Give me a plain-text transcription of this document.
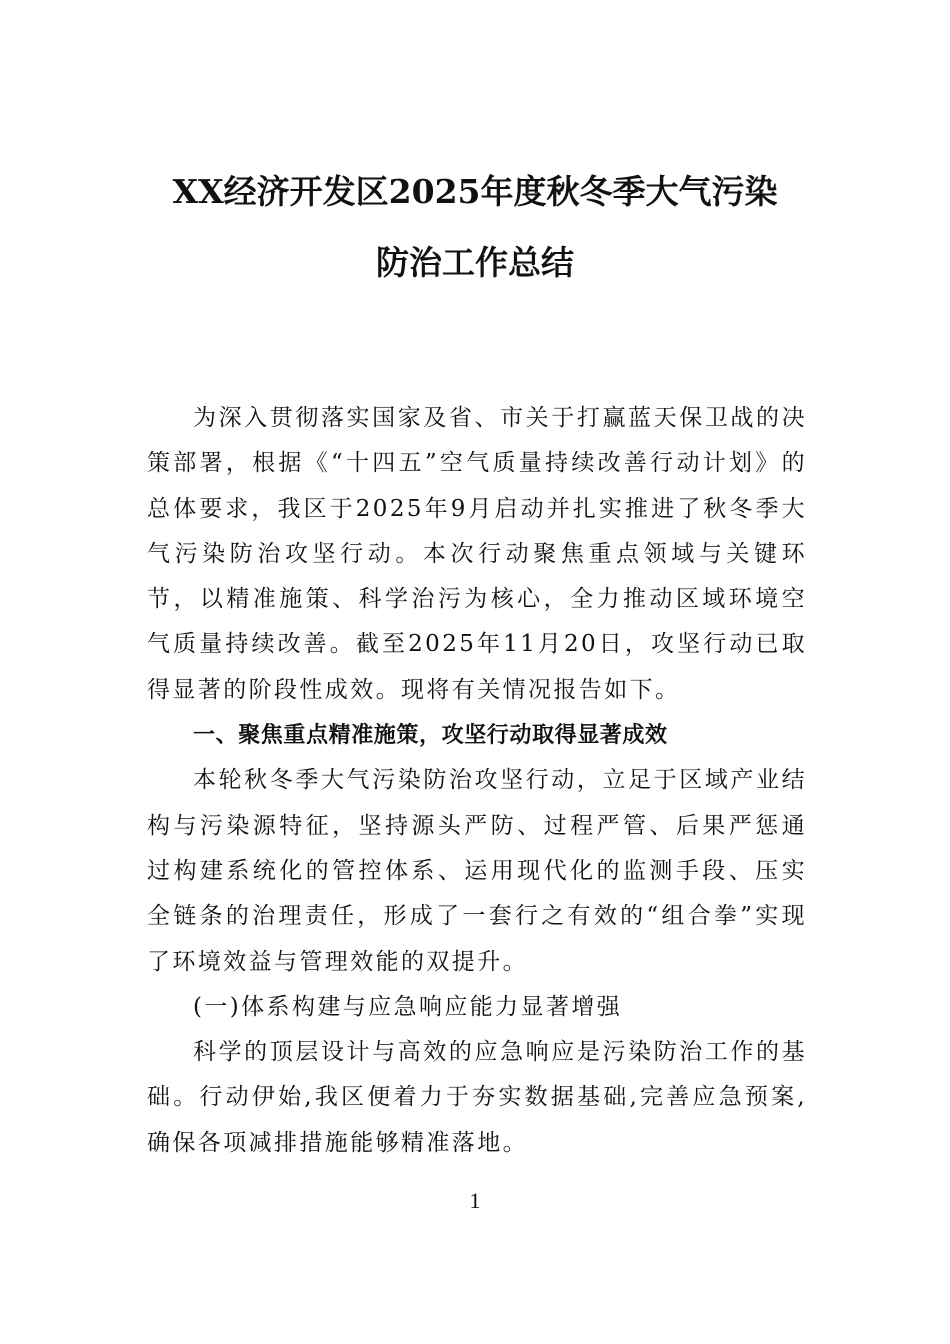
XX经济开发区2025年度秋冬季大气污染
防治工作总结

为深入贯彻落实国家及省、市关于打赢蓝天保卫战的决策部署，根据《“十四五”空气质量持续改善行动计划》的总体要求，我区于2025年9月启动并扎实推进了秋冬季大气污染防治攻坚行动。本次行动聚焦重点领域与关键环节，以精准施策、科学治污为核心，全力推动区域环境空气质量持续改善。截至2025年11月20日，攻坚行动已取得显著的阶段性成效。现将有关情况报告如下。

一、聚焦重点精准施策，攻坚行动取得显著成效

本轮秋冬季大气污染防治攻坚行动，立足于区域产业结构与污染源特征，坚持源头严防、过程严管、后果严惩通过构建系统化的管控体系、运用现代化的监测手段、压实全链条的治理责任，形成了一套行之有效的“组合拳”实现了环境效益与管理效能的双提升。

(一)体系构建与应急响应能力显著增强

科学的顶层设计与高效的应急响应是污染防治工作的基础。行动伊始,我区便着力于夯实数据基础,完善应急预案,确保各项减排措施能够精准落地。

1
